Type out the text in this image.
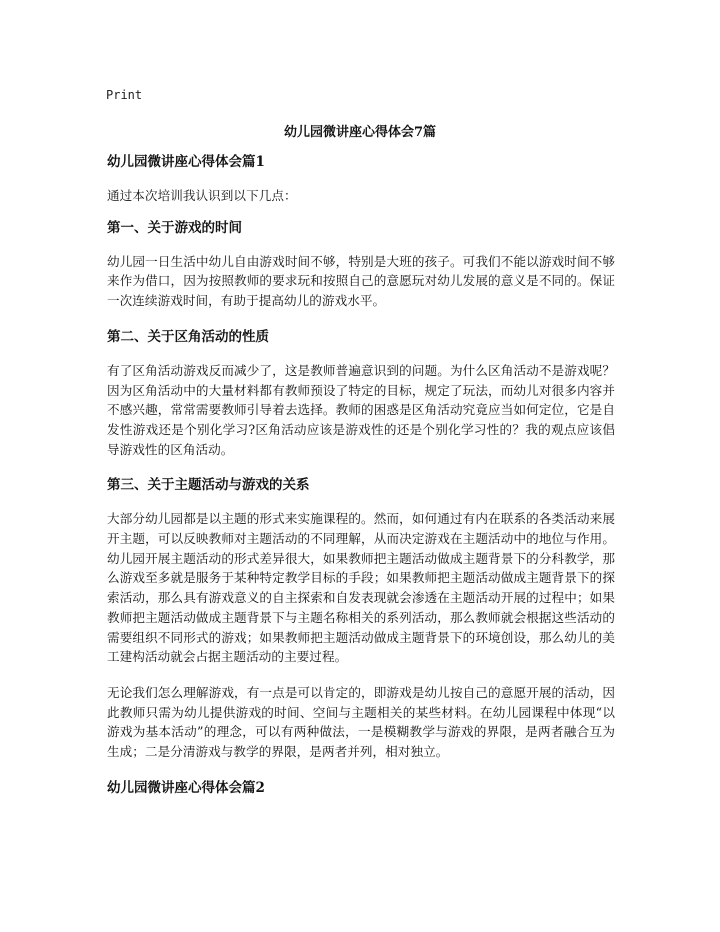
Print
幼儿园微讲座心得体会7篇
幼儿园微讲座心得体会篇1

通过本次培训我认识到以下几点：

第一、关于游戏的时间

幼儿园一日生活中幼儿自由游戏时间不够，特别是大班的孩子。可我们不能以游戏时间不够来作为借口，因为按照教师的要求玩和按照自己的意愿玩对幼儿发展的意义是不同的。保证一次连续游戏时间，有助于提高幼儿的游戏水平。

第二、关于区角活动的性质

有了区角活动游戏反而减少了，这是教师普遍意识到的问题。为什么区角活动不是游戏呢？因为区角活动中的大量材料都有教师预设了特定的目标，规定了玩法，而幼儿对很多内容并不感兴趣，常常需要教师引导着去选择。教师的困惑是区角活动究竟应当如何定位，它是自发性游戏还是个别化学习?区角活动应该是游戏性的还是个别化学习性的？我的观点应该倡导游戏性的区角活动。

第三、关于主题活动与游戏的关系

大部分幼儿园都是以主题的形式来实施课程的。然而，如何通过有内在联系的各类活动来展开主题，可以反映教师对主题活动的不同理解，从而决定游戏在主题活动中的地位与作用。幼儿园开展主题活动的形式差异很大，如果教师把主题活动做成主题背景下的分科教学，那么游戏至多就是服务于某种特定教学目标的手段；如果教师把主题活动做成主题背景下的探索活动，那么具有游戏意义的自主探索和自发表现就会渗透在主题活动开展的过程中；如果教师把主题活动做成主题背景下与主题名称相关的系列活动，那么教师就会根据这些活动的需要组织不同形式的游戏；如果教师把主题活动做成主题背景下的环境创设，那么幼儿的美工建构活动就会占据主题活动的主要过程。

无论我们怎么理解游戏，有一点是可以肯定的，即游戏是幼儿按自己的意愿开展的活动，因此教师只需为幼儿提供游戏的时间、空间与主题相关的某些材料。在幼儿园课程中体现“以游戏为基本活动”的理念，可以有两种做法，一是模糊教学与游戏的界限，是两者融合互为生成；二是分清游戏与教学的界限，是两者并列，相对独立。

幼儿园微讲座心得体会篇2
